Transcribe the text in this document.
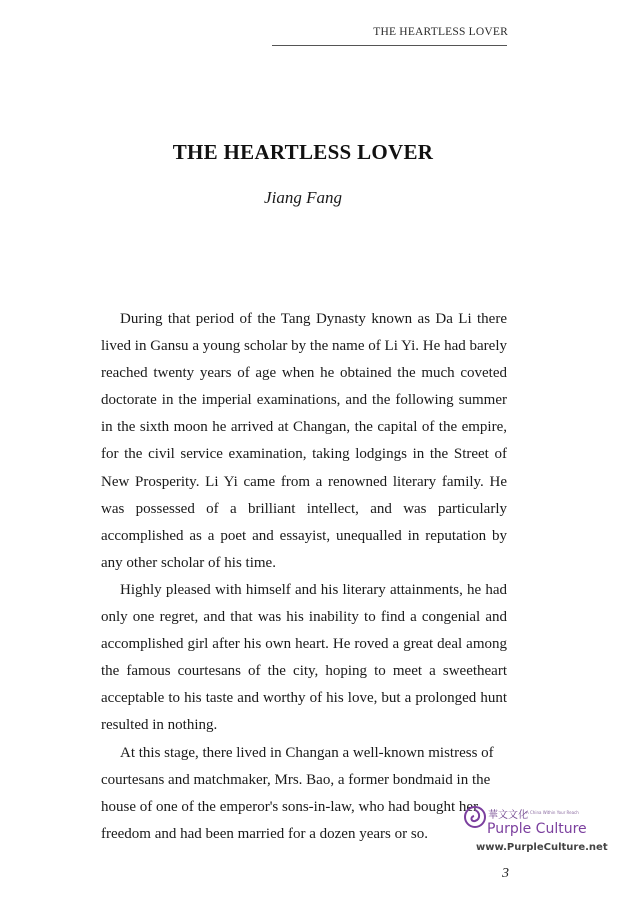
THE HEARTLESS LOVER
THE HEARTLESS LOVER
Jiang Fang

During that period of the Tang Dynasty known as Da Li there lived in Gansu a young scholar by the name of Li Yi. He had barely reached twenty years of age when he obtained the much coveted doctorate in the imperial examinations, and the following summer in the sixth moon he arrived at Changan, the capital of the empire, for the civil service examination, taking lodgings in the Street of New Prosperity. Li Yi came from a renowned literary family. He was possessed of a brilliant intellect, and was particularly accomplished as a poet and essayist, unequalled in reputation by any other scholar of his time.

Highly pleased with himself and his literary attainments, he had only one regret, and that was his inability to find a congenial and accomplished girl after his own heart. He roved a great deal among the famous courtesans of the city, hoping to meet a sweetheart acceptable to his taste and worthy of his love, but a prolonged hunt resulted in nothing.

At this stage, there lived in Changan a well-known mistress of courtesans and matchmaker, Mrs. Bao, a former bondmaid in the house of one of the emperor's sons-in-law, who had bought her freedom and had been married for a dozen years or so.

3
華文文化
A China Within Your Reach
Purple Culture
www.PurpleCulture.net
